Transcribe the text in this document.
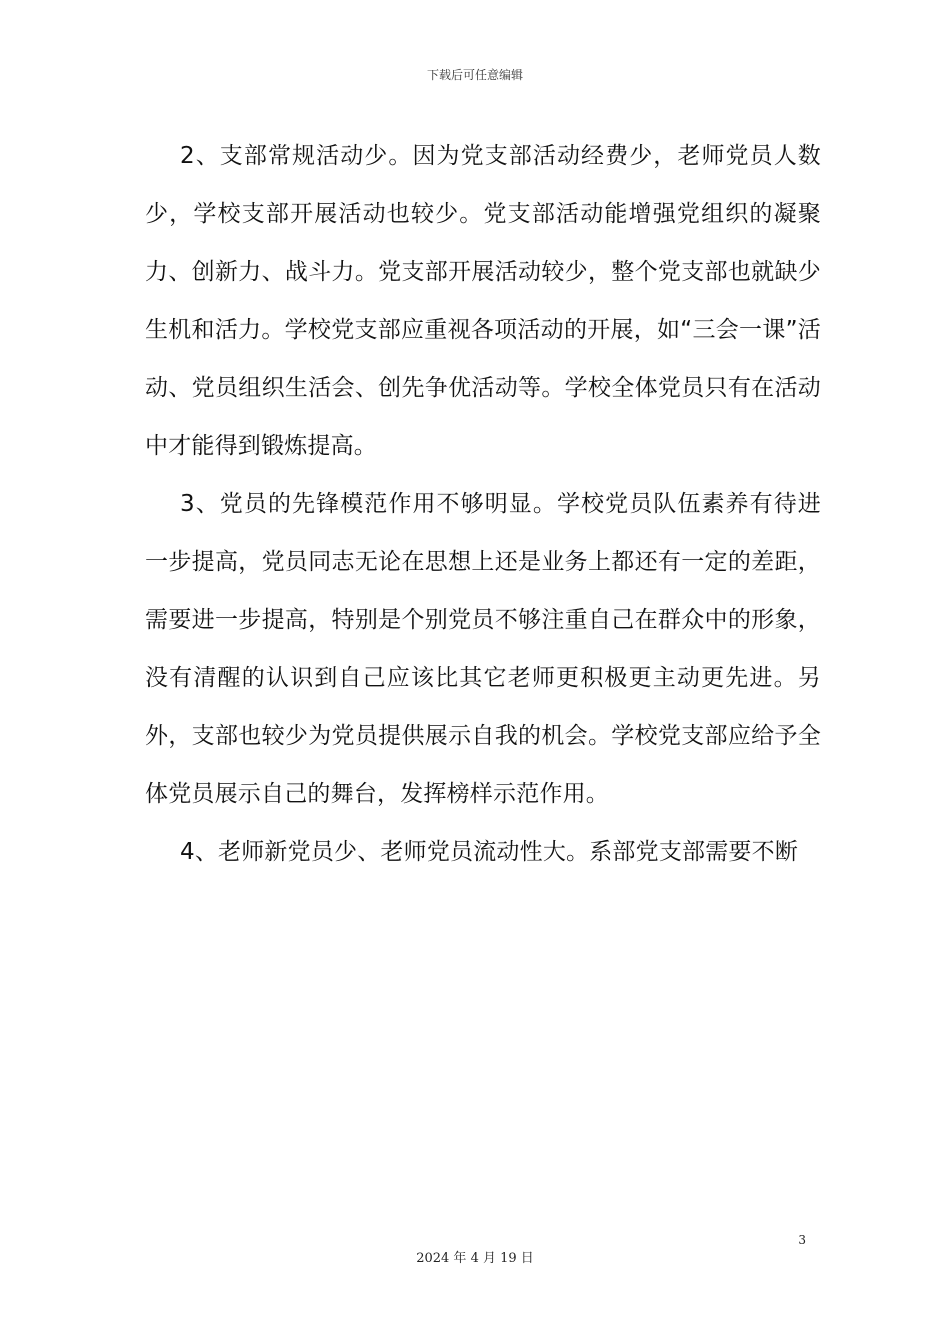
下载后可任意编辑

2、支部常规活动少。因为党支部活动经费少，老师党员人数少，学校支部开展活动也较少。党支部活动能增强党组织的凝聚力、创新力、战斗力。党支部开展活动较少，整个党支部也就缺少生机和活力。学校党支部应重视各项活动的开展，如“三会一课”活动、党员组织生活会、创先争优活动等。学校全体党员只有在活动中才能得到锻炼提高。

3、党员的先锋模范作用不够明显。学校党员队伍素养有待进一步提高，党员同志无论在思想上还是业务上都还有一定的差距，需要进一步提高，特别是个别党员不够注重自己在群众中的形象，没有清醒的认识到自己应该比其它老师更积极更主动更先进。另外，支部也较少为党员提供展示自我的机会。学校党支部应给予全体党员展示自己的舞台，发挥榜样示范作用。

4、老师新党员少、老师党员流动性大。系部党支部需要不断

3
2024 年 4 月 19 日
